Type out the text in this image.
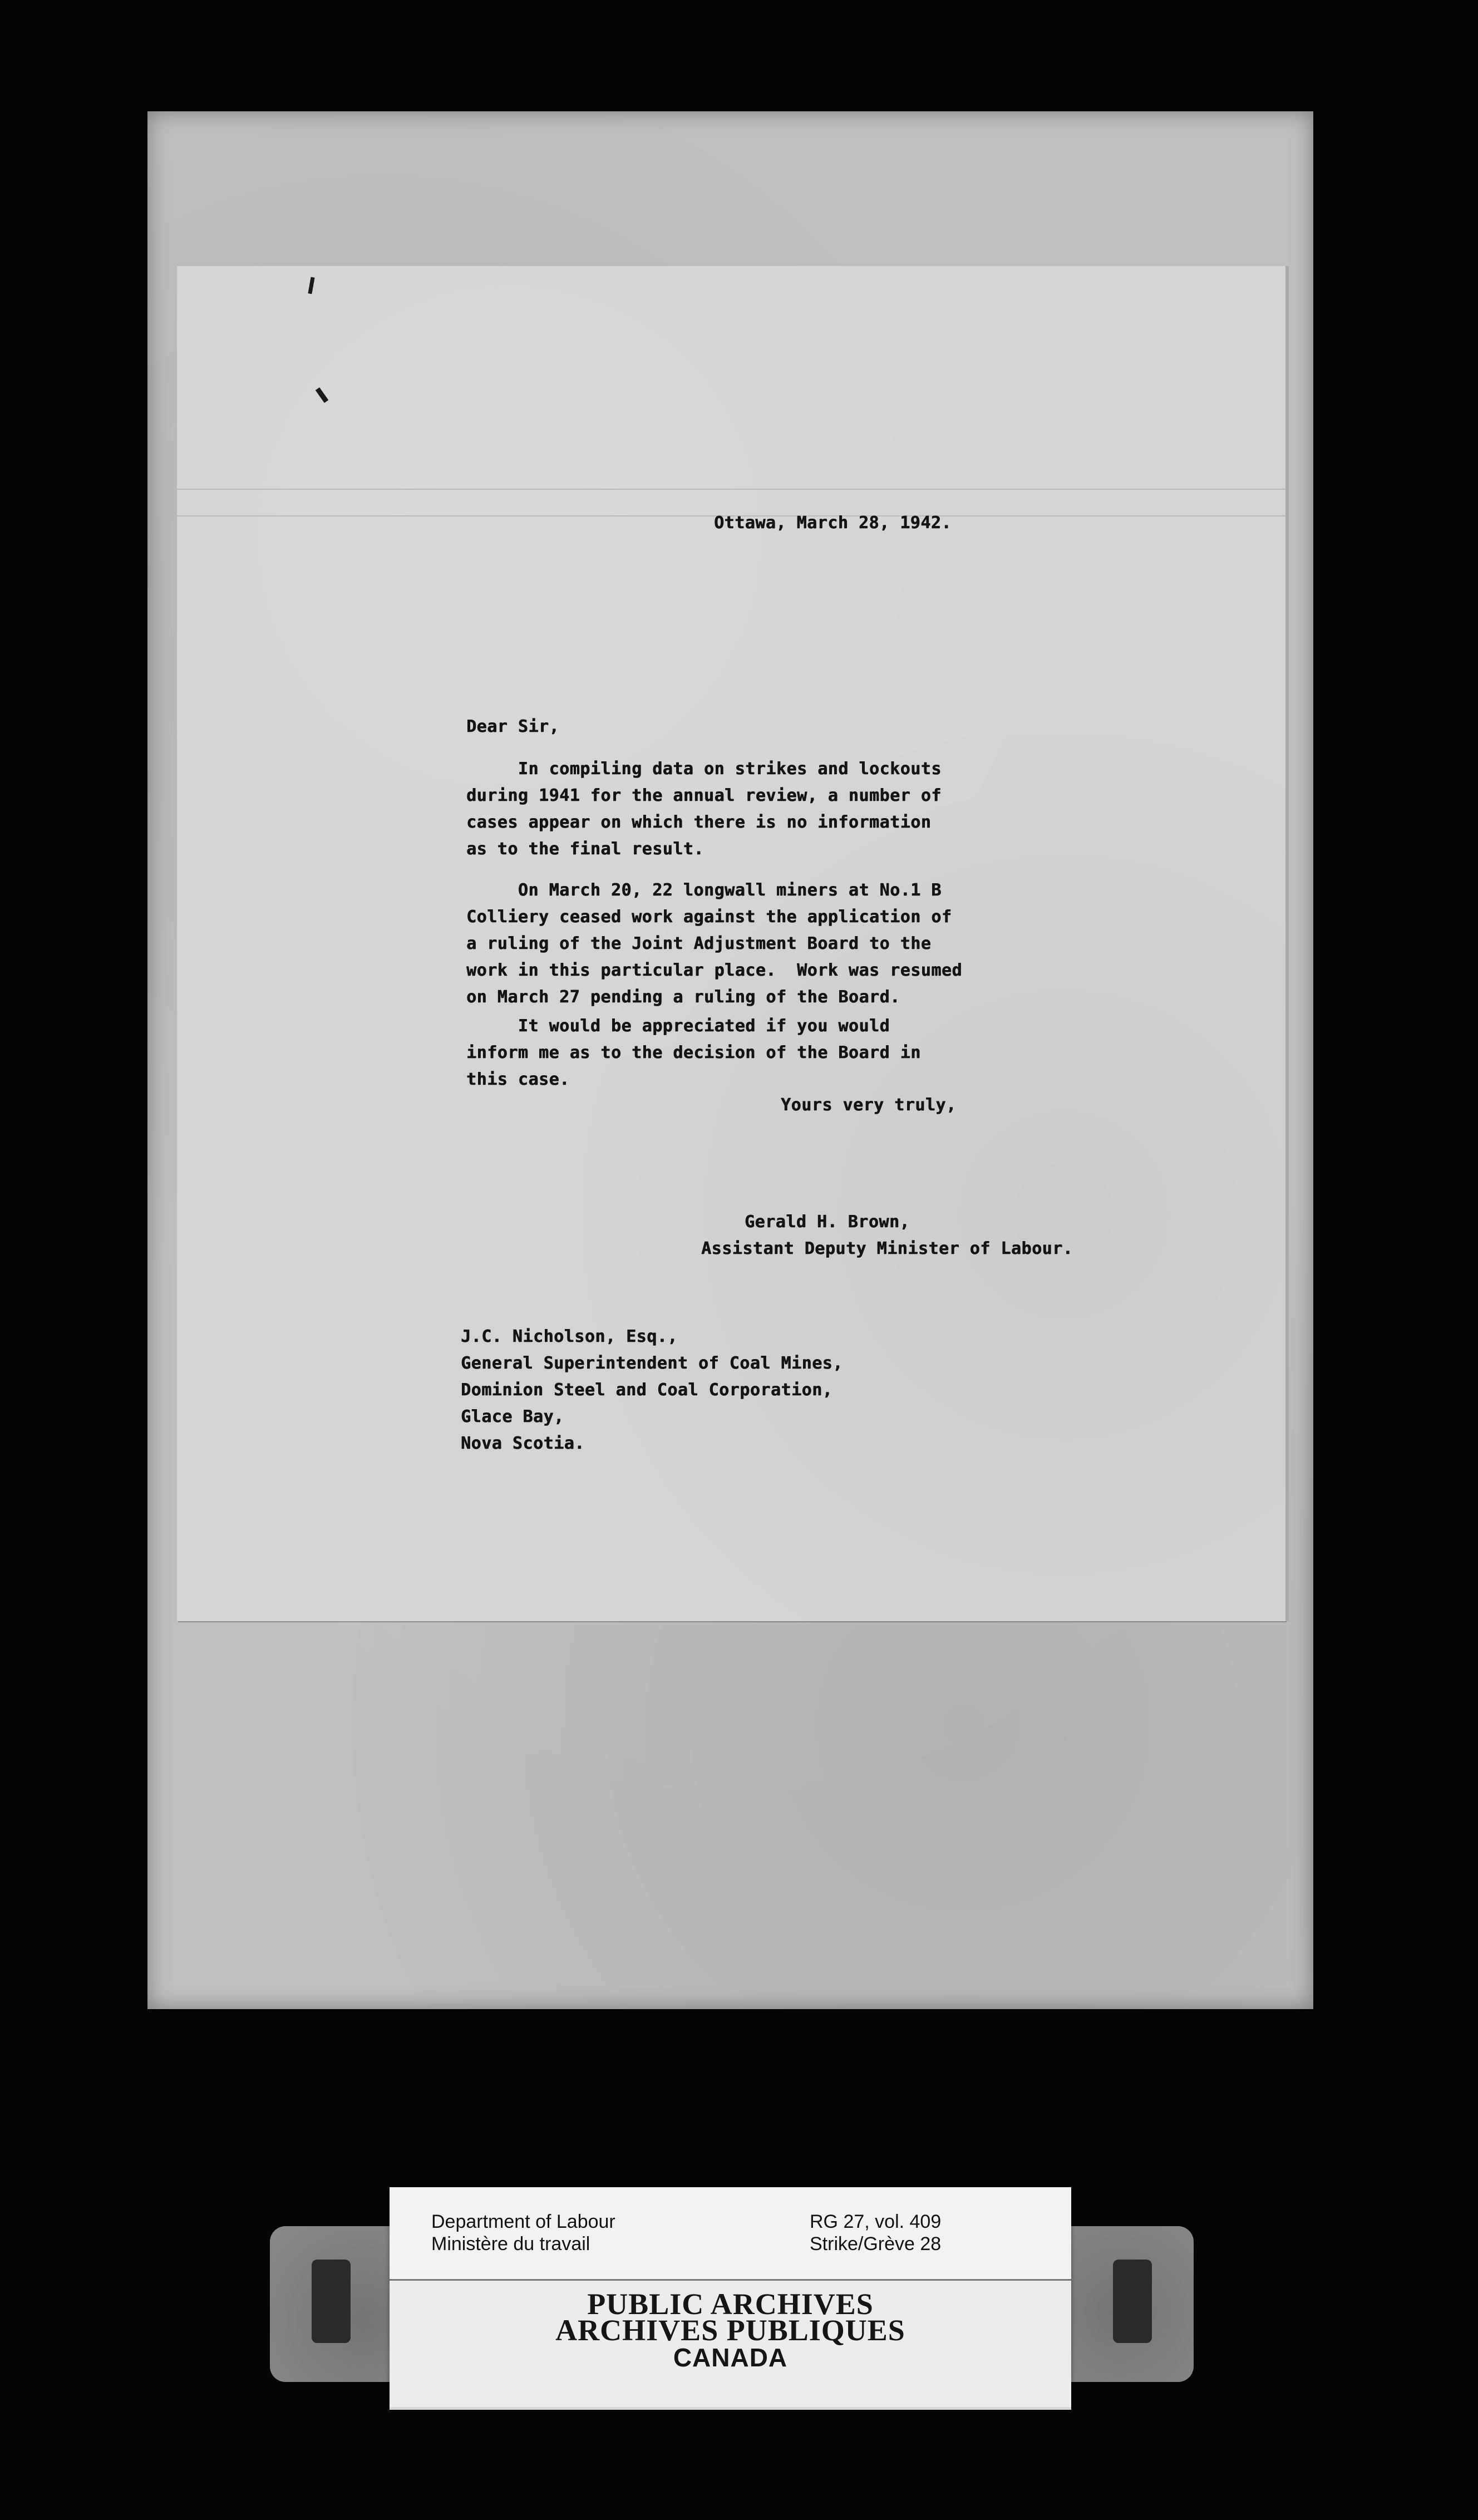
Ottawa, March 28, 1942.
Dear Sir,
In compiling data on strikes and lockouts
during 1941 for the annual review, a number of
cases appear on which there is no information
as to the final result.
On March 20, 22 longwall miners at No.1 B
Colliery ceased work against the application of
a ruling of the Joint Adjustment Board to the
work in this particular place.  Work was resumed
on March 27 pending a ruling of the Board.
It would be appreciated if you would
inform me as to the decision of the Board in
this case.
Yours very truly,
Gerald H. Brown,
Assistant Deputy Minister of Labour.
J.C. Nicholson, Esq.,
General Superintendent of Coal Mines,
Dominion Steel and Coal Corporation,
Glace Bay,
Nova Scotia.
Department of Labour
Ministère du travail
RG 27, vol. 409
Strike/Grève 28
PUBLIC ARCHIVES
ARCHIVES PUBLIQUES
CANADA
